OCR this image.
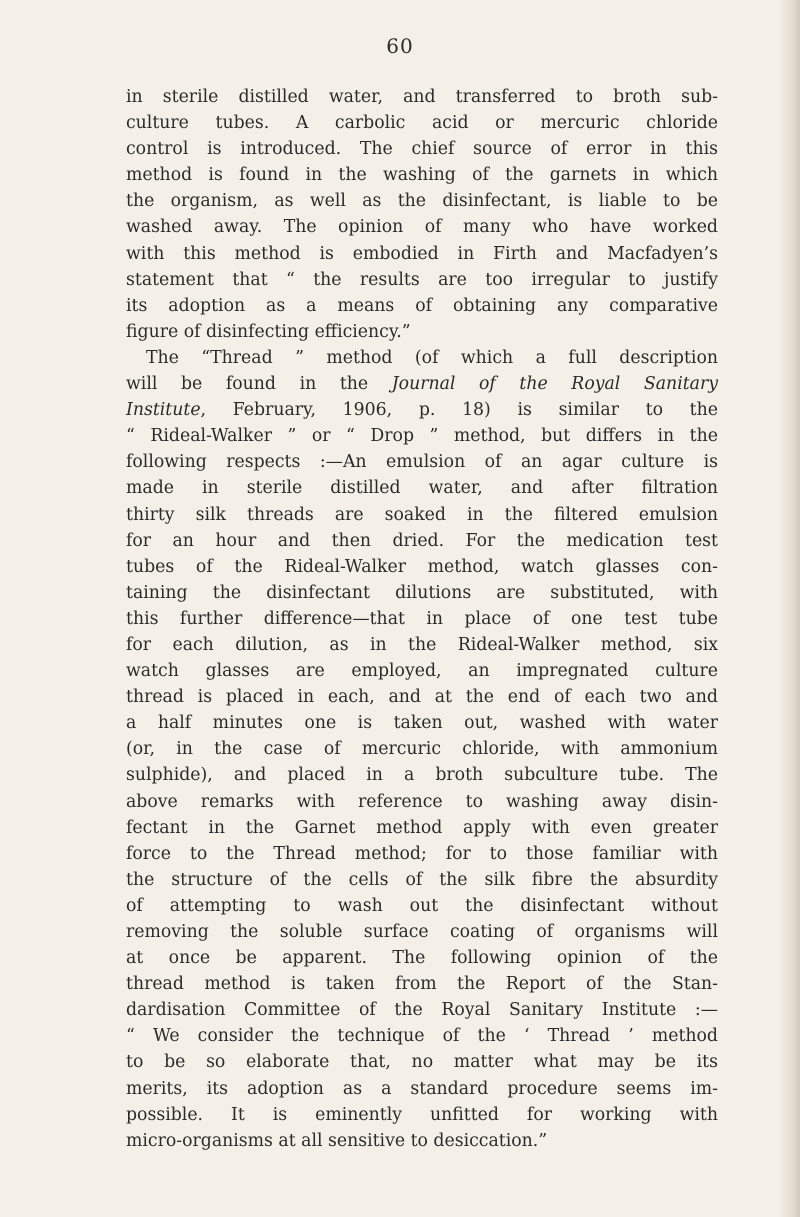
60
in sterile distilled water, and transferred to broth sub-
culture tubes. A carbolic acid or mercuric chloride
control is introduced. The chief source of error in this
method is found in the washing of the garnets in which
the organism, as well as the disinfectant, is liable to be
washed away. The opinion of many who have worked
with this method is embodied in Firth and Macfadyen’s
statement that “ the results are too irregular to justify
its adoption as a means of obtaining any comparative
figure of disinfecting efficiency.”
The “Thread ” method (of which a full description
will be found in the Journal of the Royal Sanitary
Institute, February, 1906, p. 18) is similar to the
“ Rideal-Walker ” or “ Drop ” method, but differs in the
following respects :—An emulsion of an agar culture is
made in sterile distilled water, and after filtration
thirty silk threads are soaked in the filtered emulsion
for an hour and then dried. For the medication test
tubes of the Rideal-Walker method, watch glasses con-
taining the disinfectant dilutions are substituted, with
this further difference—that in place of one test tube
for each dilution, as in the Rideal-Walker method, six
watch glasses are employed, an impregnated culture
thread is placed in each, and at the end of each two and
a half minutes one is taken out, washed with water
(or, in the case of mercuric chloride, with ammonium
sulphide), and placed in a broth subculture tube. The
above remarks with reference to washing away disin-
fectant in the Garnet method apply with even greater
force to the Thread method; for to those familiar with
the structure of the cells of the silk fibre the absurdity
of attempting to wash out the disinfectant without
removing the soluble surface coating of organisms will
at once be apparent. The following opinion of the
thread method is taken from the Report of the Stan-
dardisation Committee of the Royal Sanitary Institute :—
“ We consider the technique of the ‘ Thread ’ method
to be so elaborate that, no matter what may be its
merits, its adoption as a standard procedure seems im-
possible. It is eminently unfitted for working with
micro-organisms at all sensitive to desiccation.”
